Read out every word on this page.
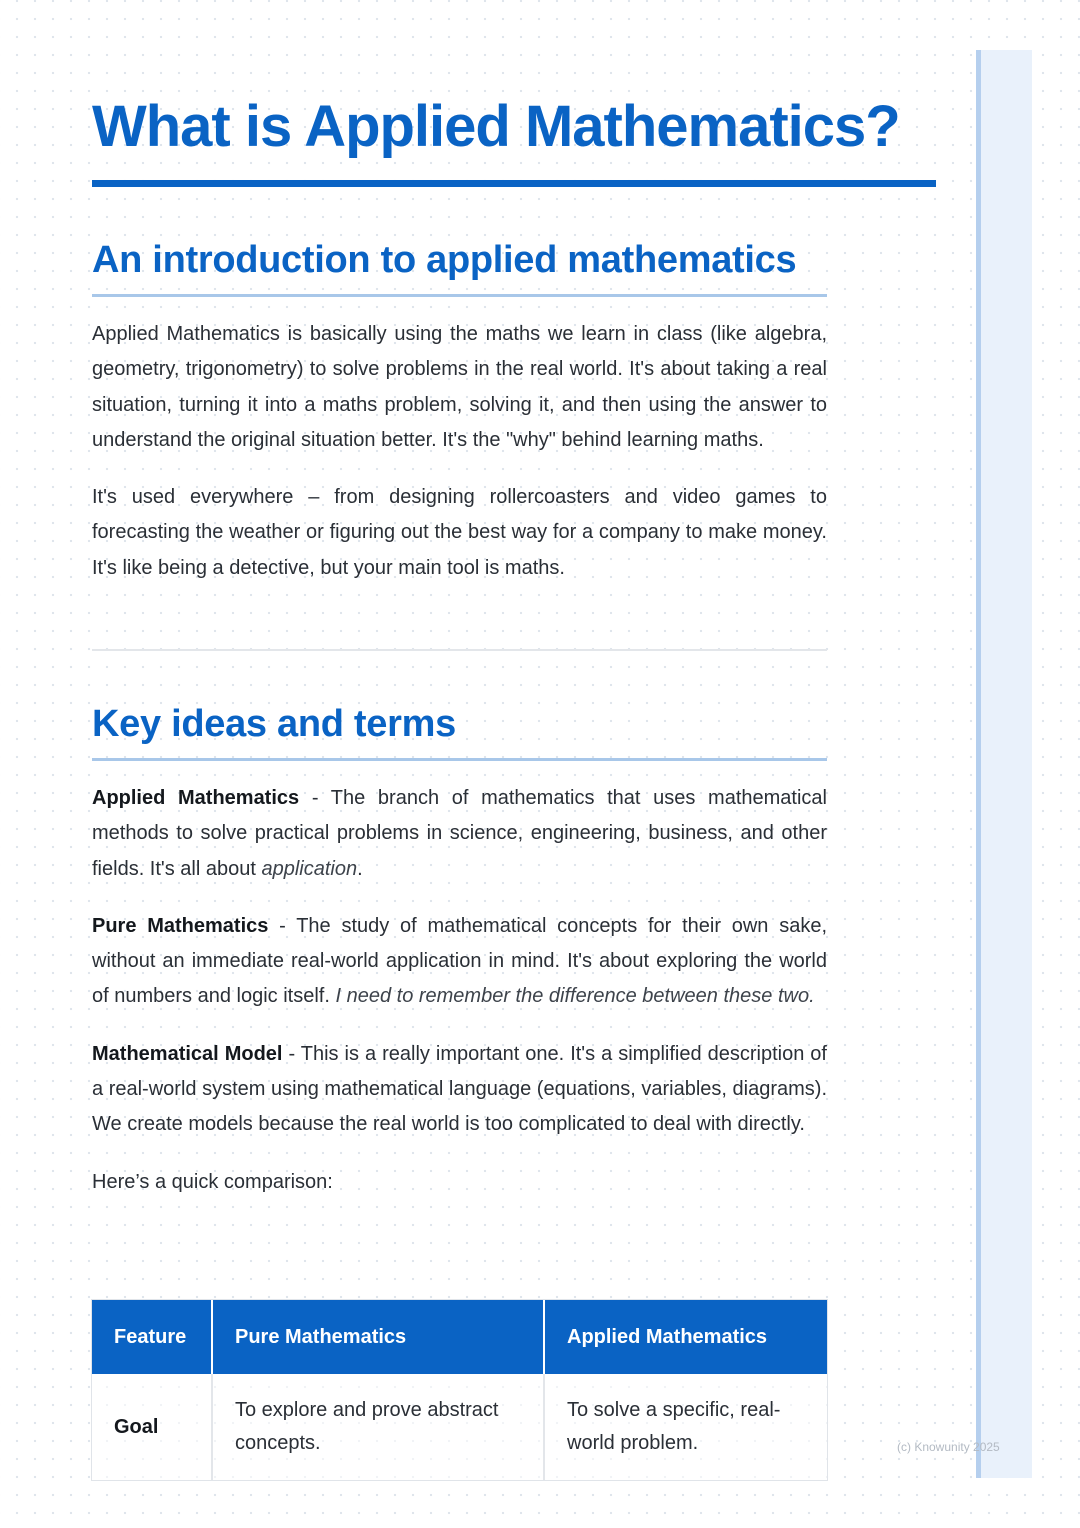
What is Applied Mathematics?
An introduction to applied mathematics

Applied Mathematics is basically using the maths we learn in class (like algebra, geometry, trigonometry) to solve problems in the real world. It's about taking a real situation, turning it into a maths problem, solving it, and then using the answer to understand the original situation better. It's the "why" behind learning maths.

It's used everywhere – from designing rollercoasters and video games to forecasting the weather or figuring out the best way for a company to make money. It's like being a detective, but your main tool is maths.

Key ideas and terms

Applied Mathematics - The branch of mathematics that uses mathematical methods to solve practical problems in science, engineering, business, and other fields. It's all about application.

Pure Mathematics - The study of mathematical concepts for their own sake, without an immediate real-world application in mind. It's about exploring the world of numbers and logic itself. I need to remember the difference between these two.

Mathematical Model - This is a really important one. It's a simplified description of a real-world system using mathematical language (equations, variables, diagrams). We create models because the real world is too complicated to deal with directly.

Here’s a quick comparison:

Feature	Pure Mathematics	Applied Mathematics
Goal	To explore and prove abstract concepts.	To solve a specific, real-world problem.	(c) Knowunity 2025
